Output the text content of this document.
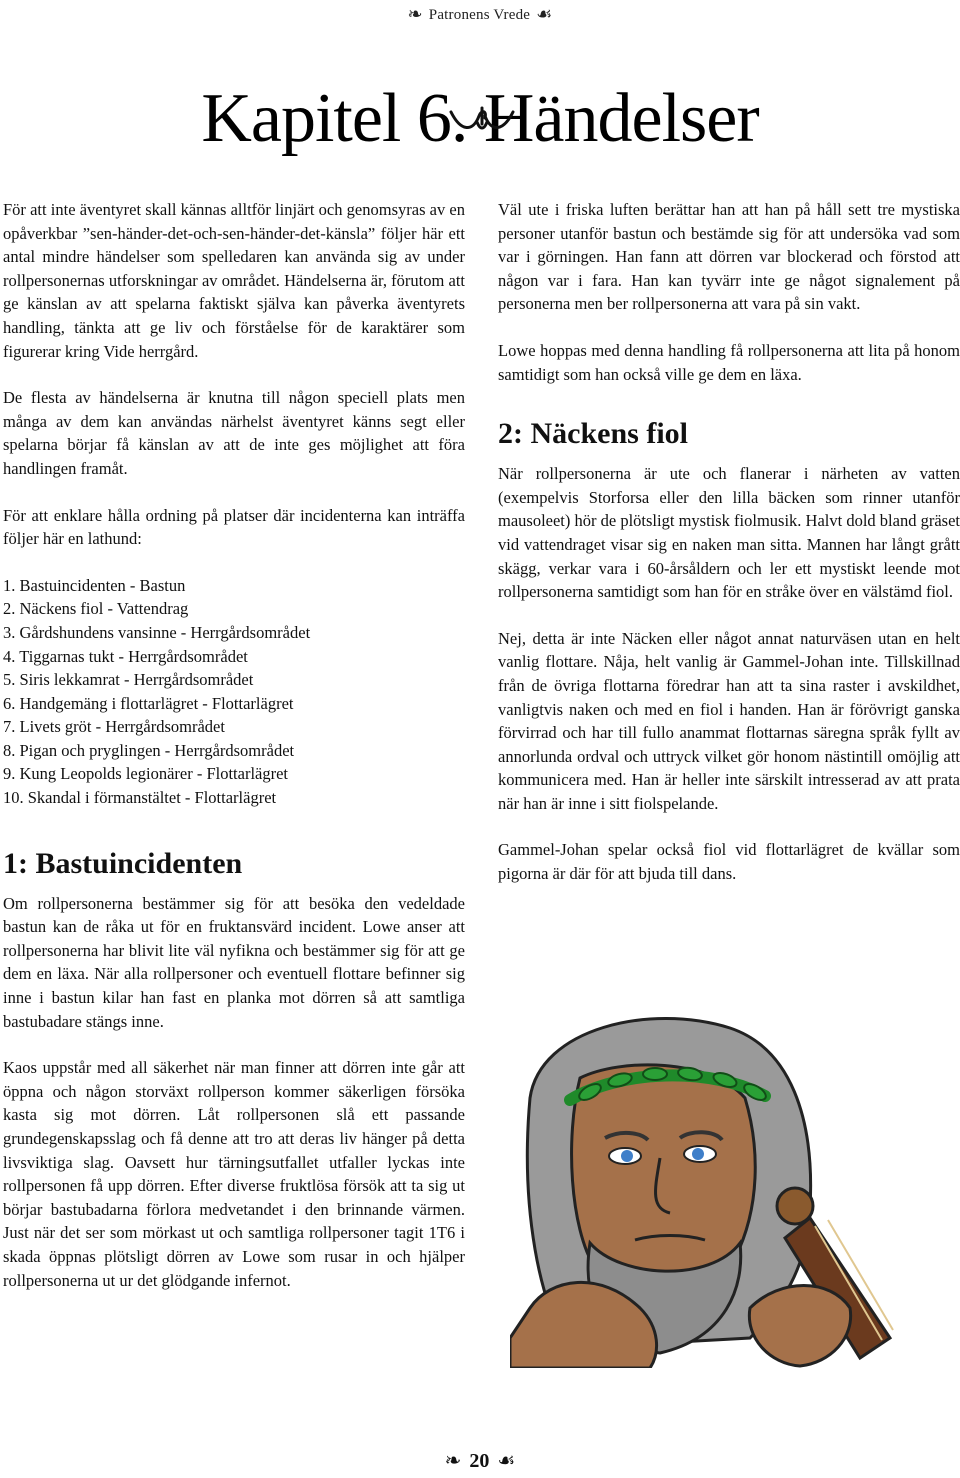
❧ Patronens Vrede ☙
Kapitel 6. Händelser

För att inte äventyret skall kännas alltför linjärt och genomsyras av en opåverkbar ”sen-händer-det-och-sen-händer-det-känsla” följer här ett antal mindre händelser som spelledaren kan använda sig av under rollpersonernas utforskningar av området. Händelserna är, förutom att ge känslan av att spelarna faktiskt själva kan påverka äventyrets handling, tänkta att ge liv och förståelse för de karaktärer som figurerar kring Vide herrgård.

De flesta av händelserna är knutna till någon speciell plats men många av dem kan användas närhelst äventyret känns segt eller spelarna börjar få känslan av att de inte ges möjlighet att föra handlingen framåt.

För att enklare hålla ordning på platser där incidenterna kan inträffa följer här en lathund:

1. Bastuincidenten - Bastun
2. Näckens fiol - Vattendrag
3. Gårdshundens vansinne - Herrgårdsområdet
4. Tiggarnas tukt - Herrgårdsområdet
5. Siris lekkamrat - Herrgårdsområdet
6. Handgemäng i flottarlägret - Flottarlägret
7. Livets gröt - Herrgårdsområdet
8. Pigan och pryglingen - Herrgårdsområdet
9. Kung Leopolds legionärer - Flottarlägret
10. Skandal i förmanstältet - Flottarlägret
1: Bastuincidenten

Om rollpersonerna bestämmer sig för att besöka den vedeldade bastun kan de råka ut för en fruktansvärd incident. Lowe anser att rollpersonerna har blivit lite väl nyfikna och bestämmer sig för att ge dem en läxa. När alla rollpersoner och eventuell flottare befinner sig inne i bastun kilar han fast en planka mot dörren så att samtliga bastubadare stängs inne.

Kaos uppstår med all säkerhet när man finner att dörren inte går att öppna och någon storväxt rollperson kommer säkerligen försöka kasta sig mot dörren. Låt rollpersonen slå ett passande grundegenskapsslag och få denne att tro att deras liv hänger på detta livsviktiga slag. Oavsett hur tärningsutfallet utfaller lyckas inte rollpersonen få upp dörren. Efter diverse fruktlösa försök att ta sig ut börjar bastubadarna förlora medvetandet i den brinnande värmen. Just när det ser som mörkast ut och samtliga rollpersoner tagit 1T6 i skada öppnas plötsligt dörren av Lowe som rusar in och hjälper rollpersonerna ut ur det glödgande infernot.

Väl ute i friska luften berättar han att han på håll sett tre mystiska personer utanför bastun och bestämde sig för att undersöka vad som var i görningen. Han fann att dörren var blockerad och förstod att någon var i fara. Han kan tyvärr inte ge något signalement på personerna men ber rollpersonerna att vara på sin vakt.

Lowe hoppas med denna handling få rollpersonerna att lita på honom samtidigt som han också ville ge dem en läxa.

2: Näckens fiol

När rollpersonerna är ute och flanerar i närheten av vatten (exempelvis Storforsa eller den lilla bäcken som rinner utanför mausoleet) hör de plötsligt mystisk fiolmusik. Halvt dold bland gräset vid vattendraget visar sig en naken man sitta. Mannen har långt grått skägg, verkar vara i 60-årsåldern och ler ett mystiskt leende mot rollpersonerna samtidigt som han för en stråke över en välstämd fiol.

Nej, detta är inte Näcken eller något annat naturväsen utan en helt vanlig flottare. Nåja, helt vanlig är Gammel-Johan inte. Tillskillnad från de övriga flottarna föredrar han att ta sina raster i avskildhet, vanligtvis naken och med en fiol i handen. Han är förövrigt ganska förvirrad och har till fullo anammat flottarnas säregna språk fyllt av annorlunda ordval och uttryck vilket gör honom nästintill omöjlig att kommunicera med. Han är heller inte särskilt intresserad av att prata när han är inne i sitt fiolspelande.

Gammel-Johan spelar också fiol vid flottarlägret de kvällar som pigorna är där för att bjuda till dans.

❧ 20 ☙
